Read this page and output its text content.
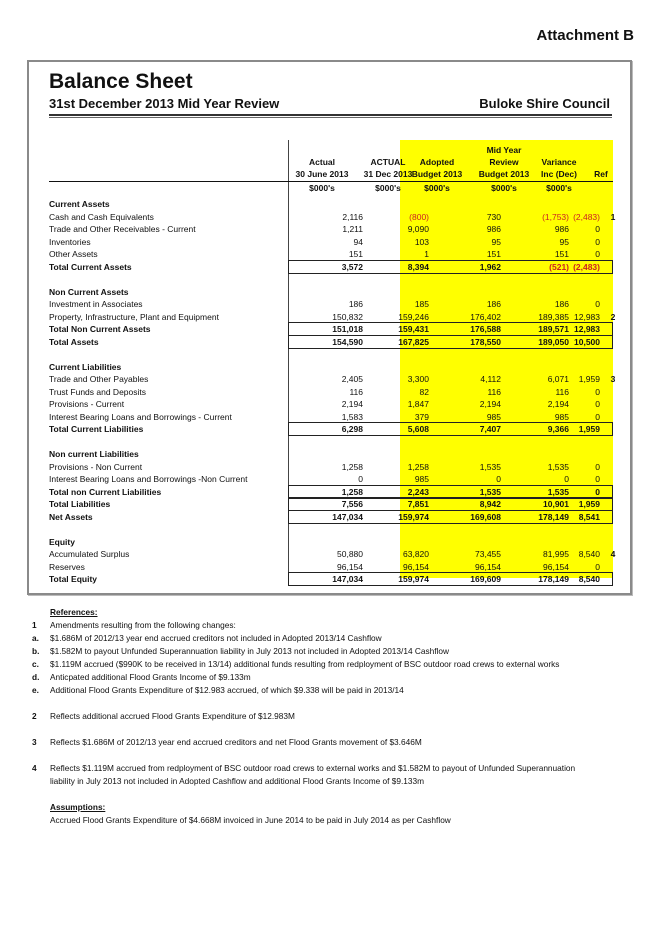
Attachment B
Balance Sheet
31st December 2013 Mid Year Review	Buloke Shire Council

Actual
30 June 2013
$000's

ACTUAL
31 Dec 2013
$000's

Adopted
Budget 2013
$000's
Mid Year
Review
Budget 2013
$000's

Variance
Inc (Dec)
$000's

Ref
Current Assets
Cash and Cash Equivalents	2,116	(800)	730	(1,753) (2,483)	1
Trade and Other Receivables - Current	1,211	9,090	986	986	0
Inventories	94	103	95	95	0
Other Assets	151	1	151	151	0
Total Current Assets	3,572	8,394	1,962	(521) (2,483)
Non Current Assets
Investment in Associates	186	185	186	186	0
Property, Infrastructure, Plant and Equipment	150,832	159,246	176,402	189,385 12,983	2
Total Non Current Assets	151,018	159,431	176,588	189,571 12,983
Total Assets	154,590	167,825	178,550	189,050 10,500
Current Liabilities
Trade and Other Payables	2,405	3,300	4,112	6,071	1,959	3
Trust Funds and Deposits	116	82	116	116	0
Provisions - Current	2,194	1,847	2,194	2,194	0
Interest Bearing Loans and Borrowings - Current	1,583	379	985	985	0
Total Current Liabilities	6,298	5,608	7,407	9,366	1,959
Non current Liabilities
Provisions - Non Current	1,258	1,258	1,535	1,535	0
Interest Bearing Loans and Borrowings -Non Current	0	985	0	0	0
Total non Current Liabilities	1,258	2,243	1,535	1,535	0
Total Liabilities	7,556	7,851	8,942	10,901	1,959
Net Assets	147,034	159,974	169,608	178,149	8,541
Equity
Accumulated Surplus	50,880	63,820	73,455	81,995	8,540	4
Reserves	96,154	96,154	96,154	96,154	0
Total Equity	147,034	159,974	169,609	178,149	8,540
References:
1 Amendments resulting from the following changes:
a. $1.686M of 2012/13 year end accrued creditors not included in Adopted 2013/14 Cashflow
b. $1.582M to payout Unfunded Superannuation liability in July 2013 not included in Adopted 2013/14 Cashflow
c. $1.119M accrued ($990K to be received in 13/14) additional funds resulting from redployment of BSC outdoor road crews to external works
d. Anticpated additional Flood Grants Income of $9.133m
e. Additional Flood Grants Expenditure of $12.983 accrued, of which $9.338 will be paid in 2013/14
2 Reflects additional accrued Flood Grants Expenditure of $12.983M
3 Reflects $1.686M of 2012/13 year end accrued creditors and net Flood Grants movement of $3.646M
4 Reflects $1.119M accrued from redployment of BSC outdoor road crews to external works and $1.582M to payout of Unfunded Superannuation liability in July 2013 not included in Adopted Cashflow and additional Flood Grants Income of $9.133m
Assumptions:
Accrued Flood Grants Expenditure of $4.668M invoiced in June 2014 to be paid in July 2014 as per Cashflow
